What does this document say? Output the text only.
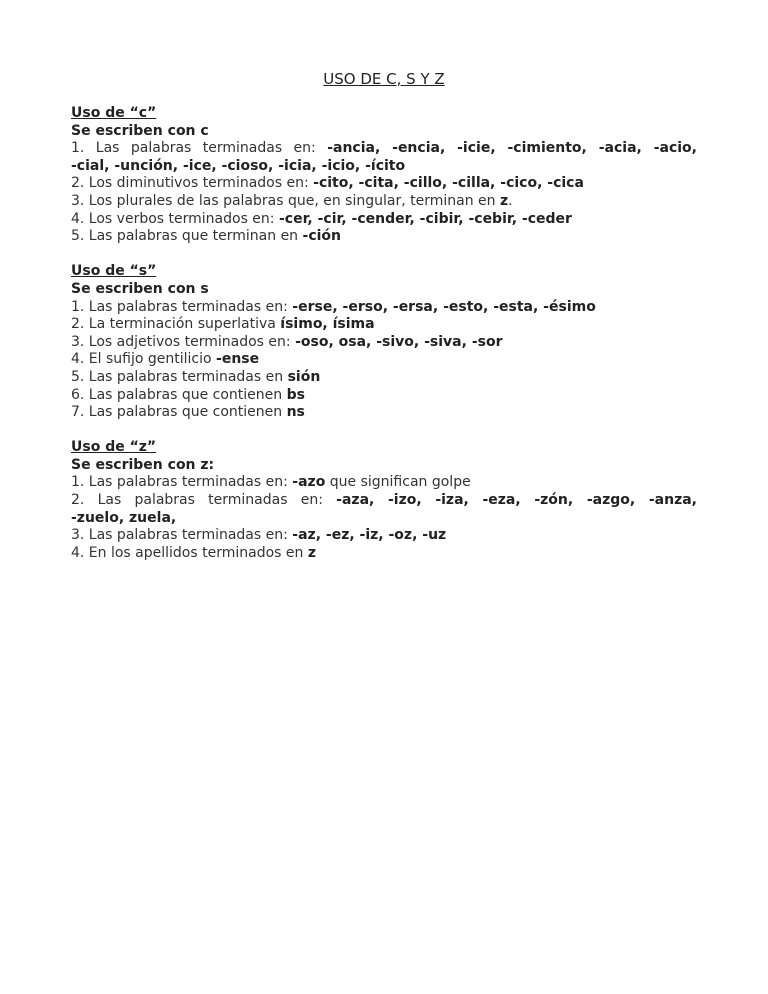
USO DE C, S Y Z
Uso de “c”
Se escriben con c
1. Las palabras terminadas en: -ancia, -encia, -icie, -cimiento, -acia, -acio,
-cial, -unción, -ice, -cioso, -icia, -icio, -ícito
2. Los diminutivos terminados en: -cito, -cita, -cillo, -cilla, -cico, -cica
3. Los plurales de las palabras que, en singular, terminan en z.
4. Los verbos terminados en: -cer, -cir, -cender, -cibir, -cebir, -ceder
5. Las palabras que terminan en -ción
Uso de “s”
Se escriben con s
1. Las palabras terminadas en: -erse, -erso, -ersa, -esto, -esta, -ésimo
2. La terminación superlativa ísimo, ísima
3. Los adjetivos terminados en: -oso, osa, -sivo, -siva, -sor
4. El sufijo gentilicio -ense
5. Las palabras terminadas en sión
6. Las palabras que contienen bs
7. Las palabras que contienen ns
Uso de “z”
Se escriben con z:
1. Las palabras terminadas en: -azo que significan golpe
2. Las palabras terminadas en: -aza, -izo, -iza, -eza, -zón, -azgo, -anza,
-zuelo, zuela,
3. Las palabras terminadas en: -az, -ez, -iz, -oz, -uz
4. En los apellidos terminados en z
